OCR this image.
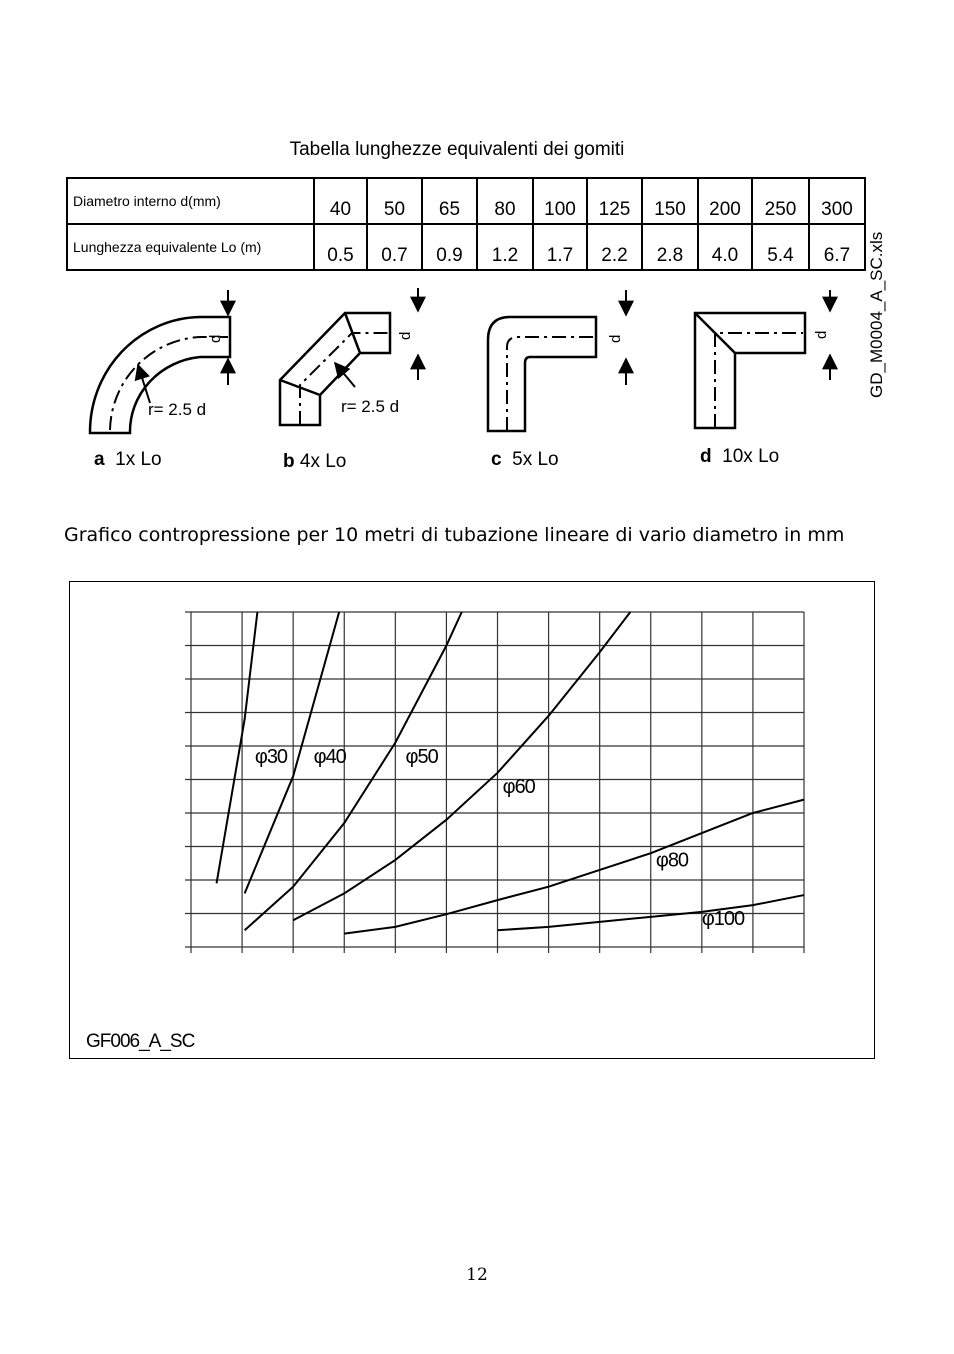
Tabella lunghezze equivalenti dei gomiti
Diametro interno d(mm)	40	50	65	80	100	125	150	200	250	300
Lunghezza equivalente Lo (m)	0.5	0.7	0.9	1.2	1.7	2.2	2.8	4.0	5.4	6.7 GD_M0004_A_SC.xls
d	d	d	d
r= 2.5 d	r= 2.5 d
a 1x Lo	b 4x Lo	c 5x Lo	d 10x Lo
Grafico contropressione per 10 metri di tubazione lineare di vario diametro in mm
φ30 φ40	φ50
φ60
φ80
φ100
GF006_A_SC
12
